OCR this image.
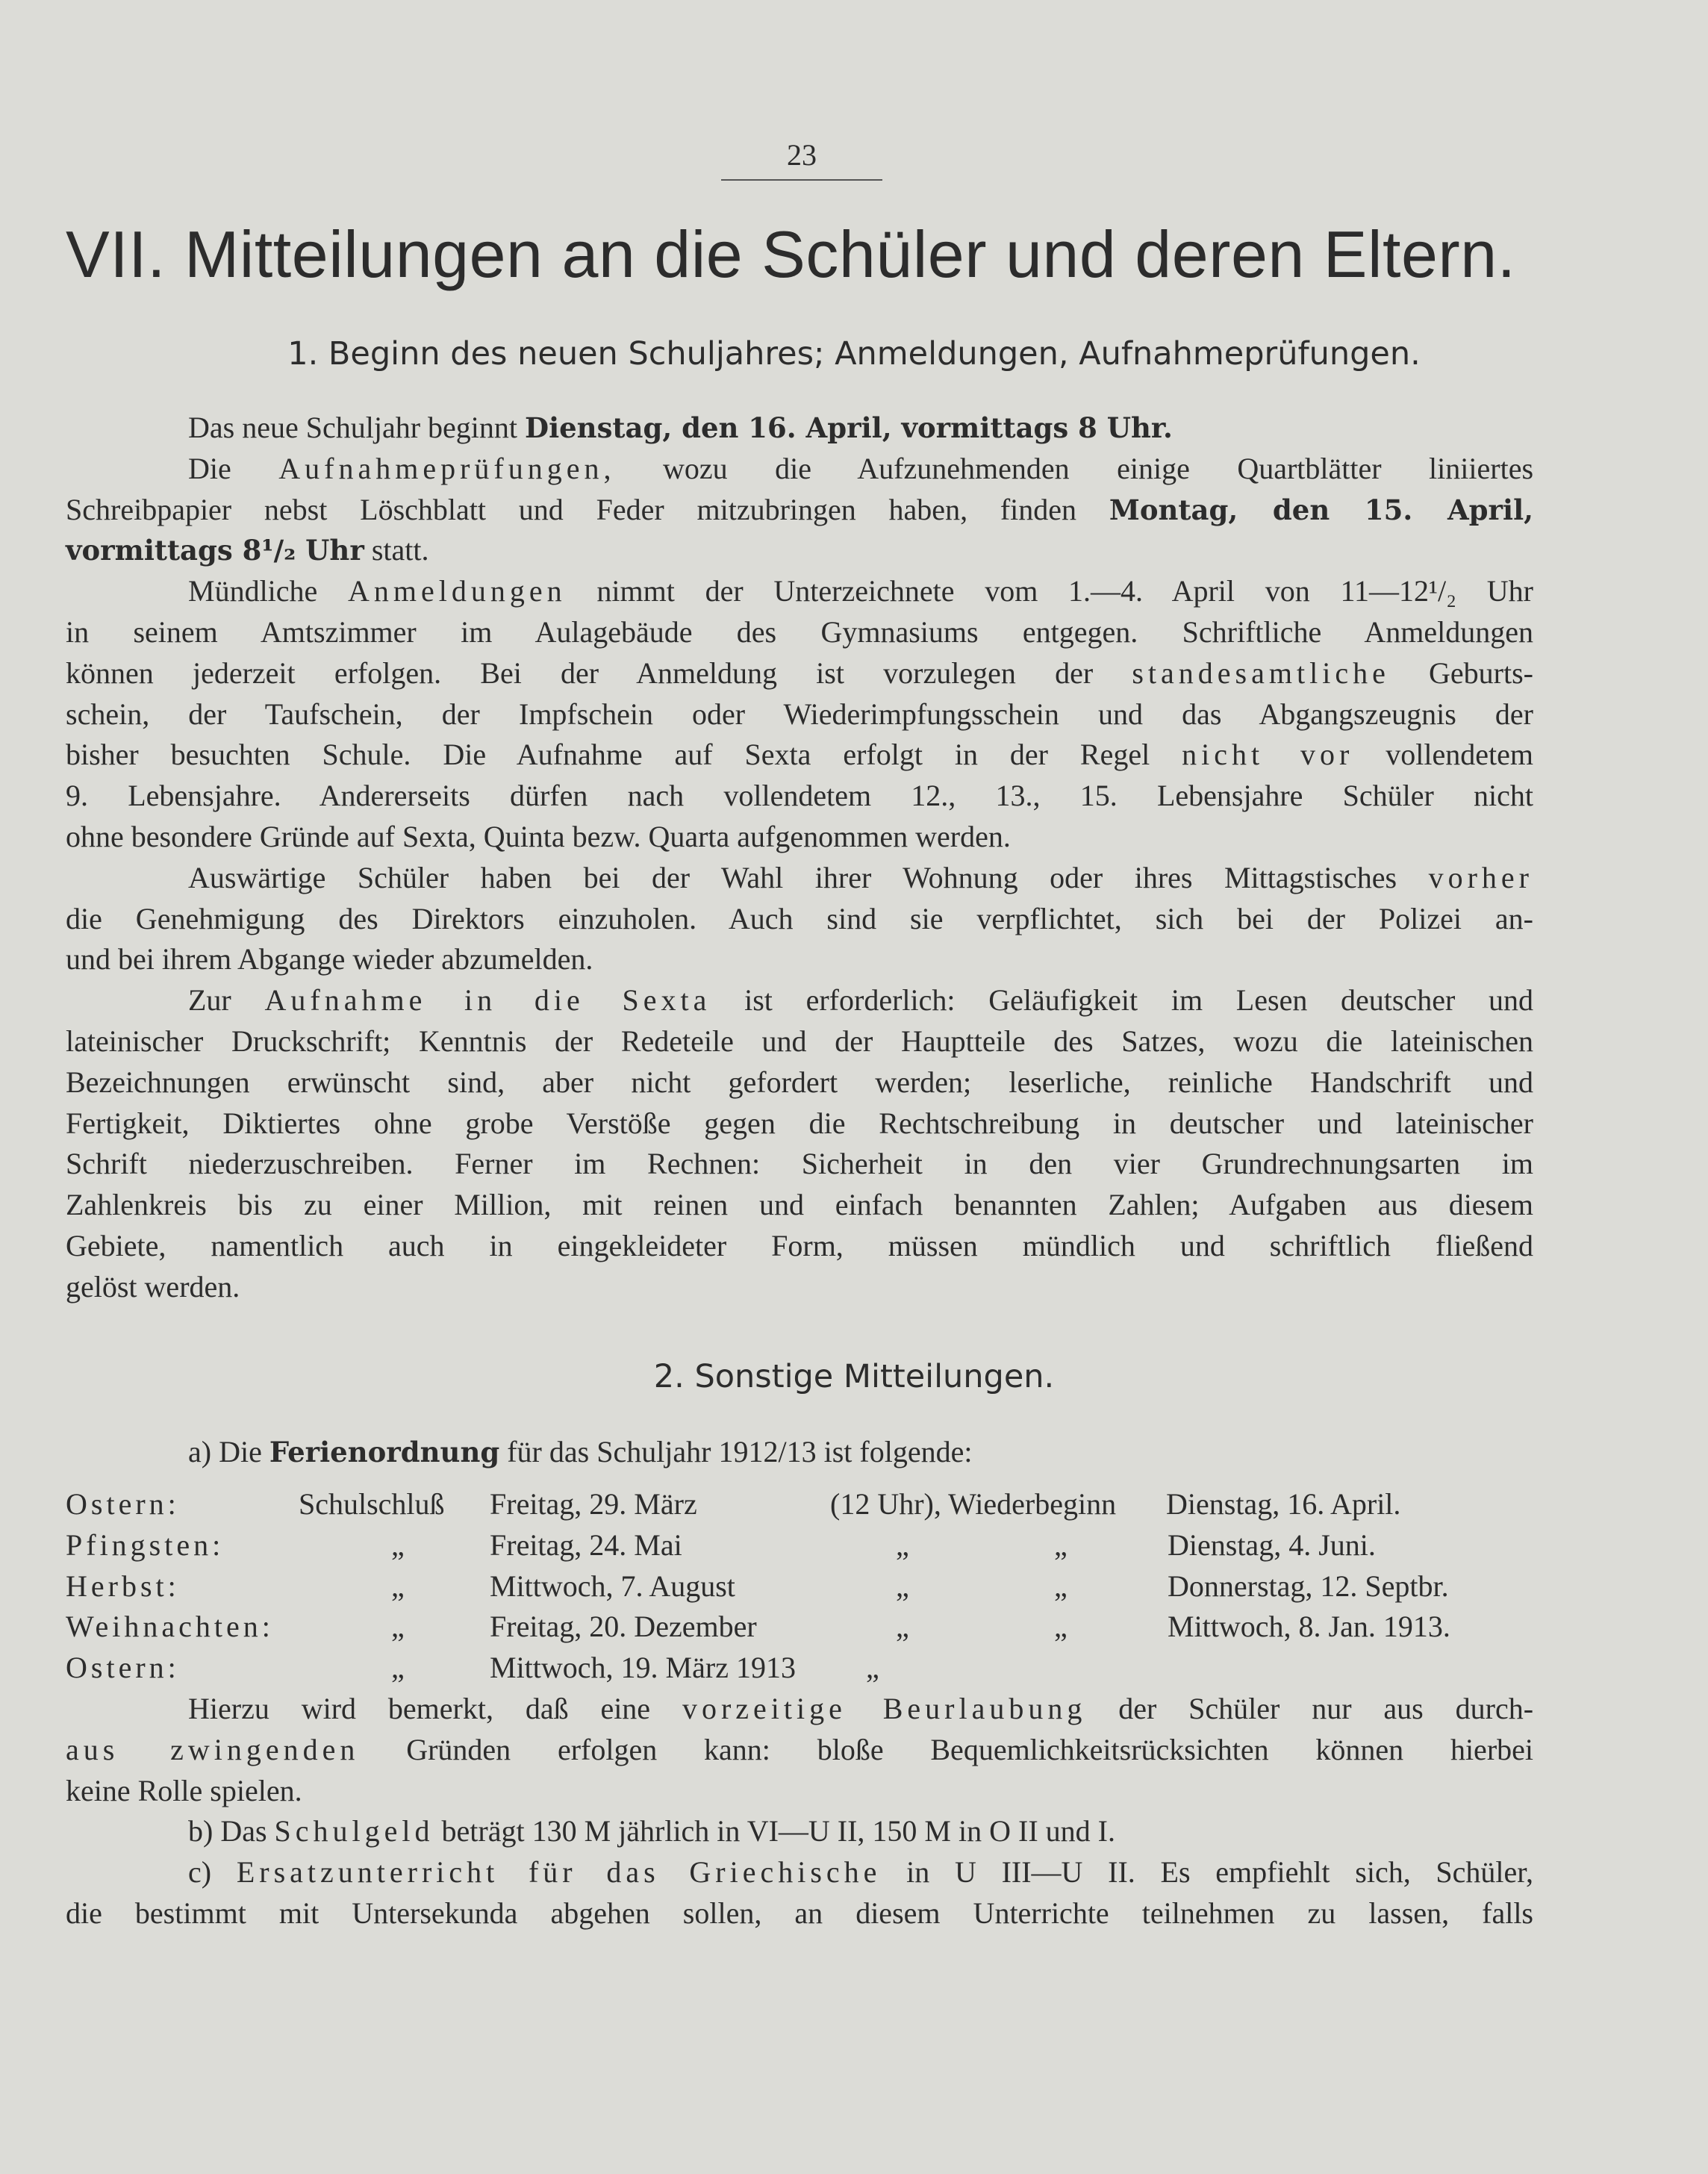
23
VII. Mitteilungen an die Schüler und deren Eltern.
1. Beginn des neuen Schuljahres; Anmeldungen, Aufnahmeprüfungen.
Das neue Schuljahr beginnt Dienstag, den 16. April, vormittags 8 Uhr.
Die Aufnahmeprüfungen, wozu die Aufzunehmenden einige Quartblätter liniiertes
Schreibpapier nebst Löschblatt und Feder mitzubringen haben, finden Montag, den 15. April,
vormittags 8¹/₂ Uhr statt.
Mündliche Anmeldungen nimmt der Unterzeichnete vom 1.—4. April von 11—12¹/₂ Uhr
in seinem Amtszimmer im Aulagebäude des Gymnasiums entgegen. Schriftliche Anmeldungen
können jederzeit erfolgen. Bei der Anmeldung ist vorzulegen der standesamtliche Geburts-
schein, der Taufschein, der Impfschein oder Wiederimpfungsschein und das Abgangszeugnis der
bisher besuchten Schule. Die Aufnahme auf Sexta erfolgt in der Regel nicht vor vollendetem
9. Lebensjahre. Andererseits dürfen nach vollendetem 12., 13., 15. Lebensjahre Schüler nicht
ohne besondere Gründe auf Sexta, Quinta bezw. Quarta aufgenommen werden.
Auswärtige Schüler haben bei der Wahl ihrer Wohnung oder ihres Mittagstisches vorher
die Genehmigung des Direktors einzuholen. Auch sind sie verpflichtet, sich bei der Polizei an-
und bei ihrem Abgange wieder abzumelden.
Zur Aufnahme in die Sexta ist erforderlich: Geläufigkeit im Lesen deutscher und
lateinischer Druckschrift; Kenntnis der Redeteile und der Hauptteile des Satzes, wozu die lateinischen
Bezeichnungen erwünscht sind, aber nicht gefordert werden; leserliche, reinliche Handschrift und
Fertigkeit, Diktiertes ohne grobe Verstöße gegen die Rechtschreibung in deutscher und lateinischer
Schrift niederzuschreiben. Ferner im Rechnen: Sicherheit in den vier Grundrechnungsarten im
Zahlenkreis bis zu einer Million, mit reinen und einfach benannten Zahlen; Aufgaben aus diesem
Gebiete, namentlich auch in eingekleideter Form, müssen mündlich und schriftlich fließend
gelöst werden.
2. Sonstige Mitteilungen.
a) Die Ferienordnung für das Schuljahr 1912/13 ist folgende:
Ostern:	Schulschluß Freitag, 29. März	(12 Uhr), Wiederbeginn Dienstag, 16. April.
Pfingsten:	„	Freitag, 24. Mai	„	„	Dienstag, 4. Juni.
Herbst:	„	Mittwoch, 7. August	„	„	Donnerstag, 12. Septbr.
Weihnachten:	„	Freitag, 20. Dezember	„	„	Mittwoch, 8. Jan. 1913.
Ostern:	„	Mittwoch, 19. März 1913 „
Hierzu wird bemerkt, daß eine vorzeitige Beurlaubung der Schüler nur aus durch-
aus zwingenden Gründen erfolgen kann: bloße Bequemlichkeitsrücksichten können hierbei
keine Rolle spielen.
b) Das Schulgeld beträgt 130 M jährlich in VI—U II, 150 M in O II und I.
c) Ersatzunterricht für das Griechische in U III—U II. Es empfiehlt sich, Schüler,
die bestimmt mit Untersekunda abgehen sollen, an diesem Unterrichte teilnehmen zu lassen, falls
